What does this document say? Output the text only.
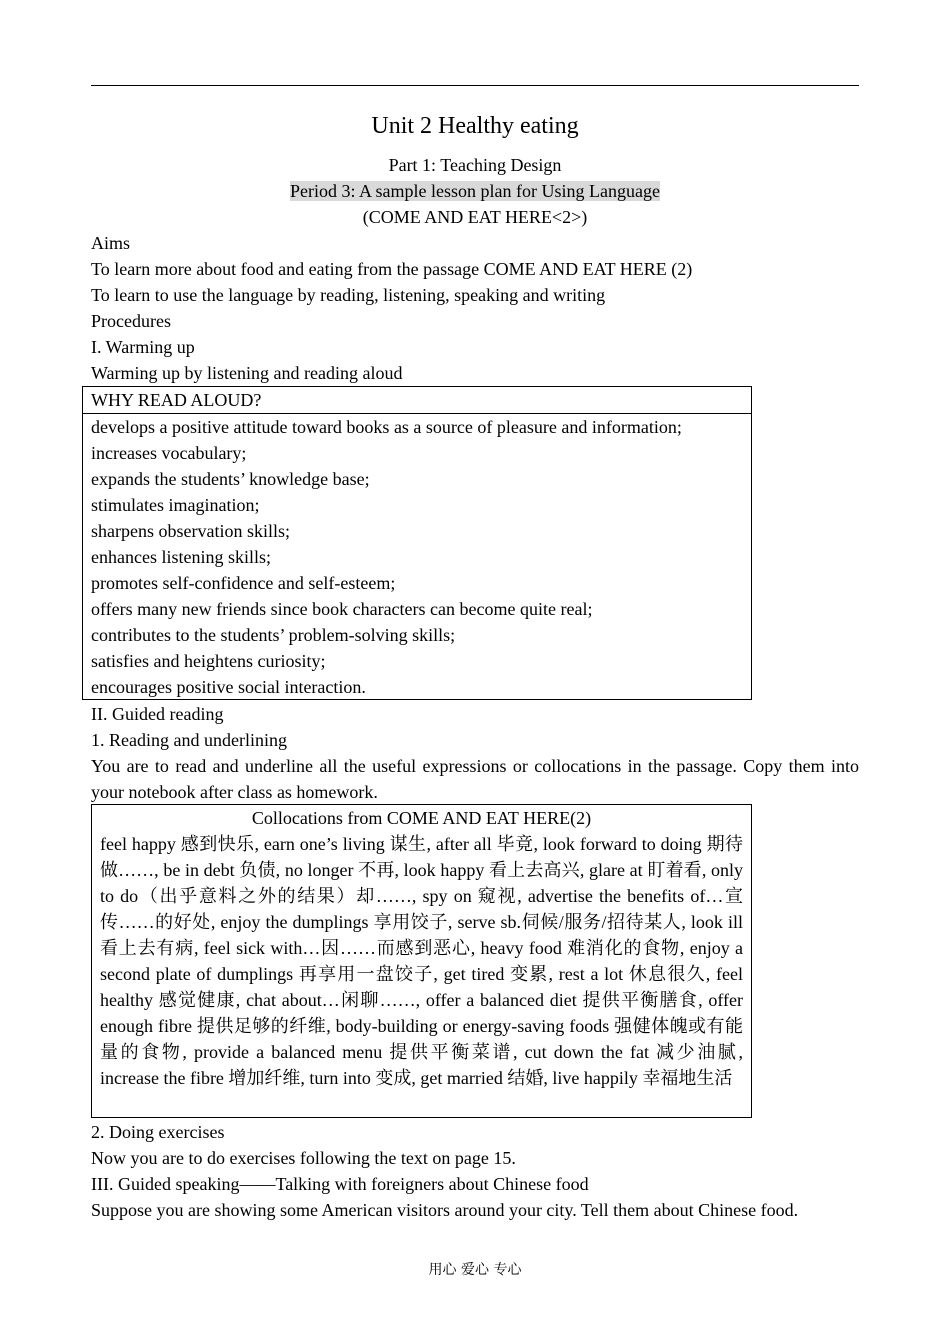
Unit 2 Healthy eating
Part 1: Teaching Design
Period 3: A sample lesson plan for Using Language
(COME AND EAT HERE<2>)
Aims
To learn more about food and eating from the passage COME AND EAT HERE (2)
To learn to use the language by reading, listening, speaking and writing
Procedures
I. Warming up
Warming up by listening and reading aloud
WHY READ ALOUD?
develops a positive attitude toward books as a source of pleasure and information;
increases vocabulary;
expands the students’ knowledge base;
stimulates imagination;
sharpens observation skills;
enhances listening skills;
promotes self-confidence and self-esteem;
offers many new friends since book characters can become quite real;
contributes to the students’ problem-solving skills;
satisfies and heightens curiosity;
encourages positive social interaction.
II. Guided reading
1. Reading and underlining
You are to read and underline all the useful expressions or collocations in the passage. Copy them into your notebook after class as homework.
Collocations from COME AND EAT HERE(2)
feel happy 感到快乐, earn one’s living 谋生, after all 毕竟, look forward to doing 期待做……, be in debt 负债, no longer 不再, look happy 看上去高兴, glare at 盯着看, only to do（出乎意料之外的结果）却……, spy on 窥视, advertise the benefits of…宣传……的好处, enjoy the dumplings 享用饺子, serve sb.伺候/服务/招待某人, look ill 看上去有病, feel sick with…因……而感到恶心, heavy food 难消化的食物, enjoy a second plate of dumplings 再享用一盘饺子, get tired 变累, rest a lot 休息很久, feel healthy 感觉健康, chat about…闲聊……, offer a balanced diet 提供平衡膳食, offer enough fibre 提供足够的纤维, body-building or energy-saving foods 强健体魄或有能量的食物, provide a balanced menu 提供平衡菜谱, cut down the fat 减少油腻, increase the fibre 增加纤维, turn into 变成, get married 结婚, live happily 幸福地生活
2. Doing exercises
Now you are to do exercises following the text on page 15.
III. Guided speaking——Talking with foreigners about Chinese food
Suppose you are showing some American visitors around your city. Tell them about Chinese food.
用心 爱心 专心
